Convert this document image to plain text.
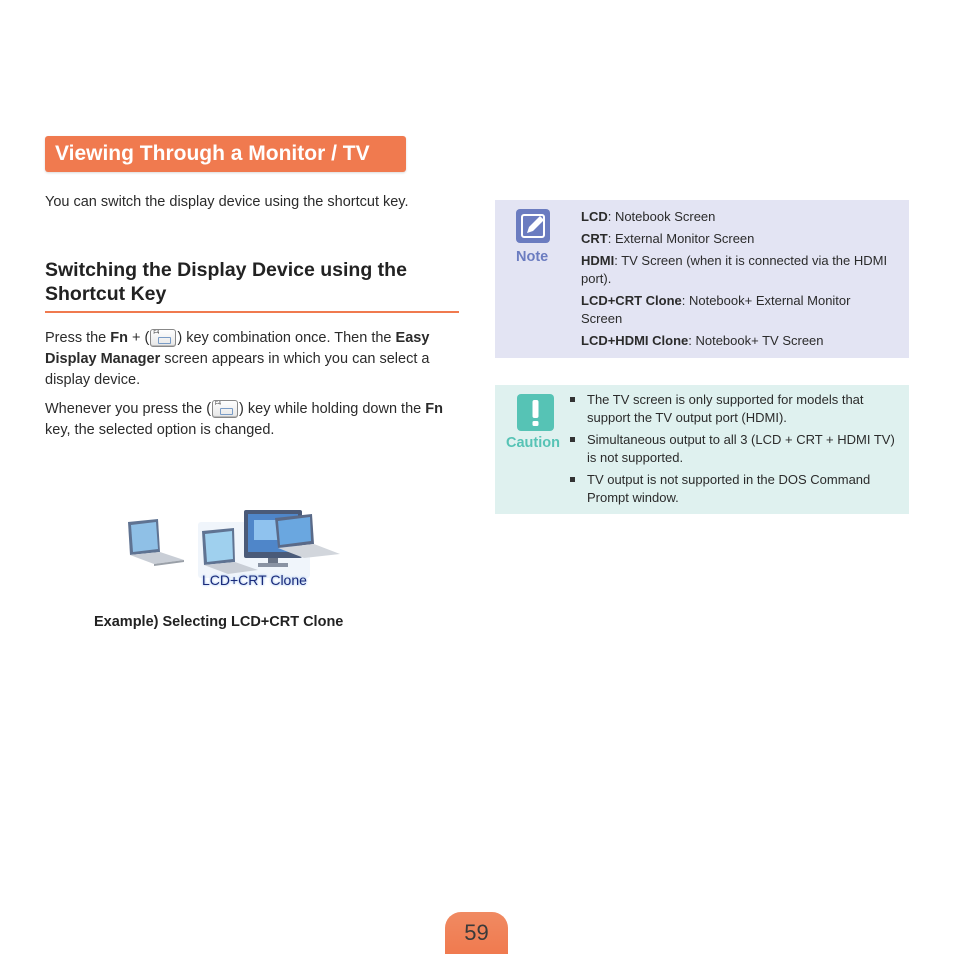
Viewing Through a Monitor / TV
You can switch the display device using the shortcut key.
Switching the Display Device using the Shortcut Key
Press the Fn + ( F4 ) key combination once. Then the Easy Display Manager screen appears in which you can select a display device.
Whenever you press the ( F4 ) key while holding down the Fn key, the selected option is changed.
LCD+CRT Clone
Example) Selecting LCD+CRT Clone
Note
LCD: Notebook Screen
CRT: External Monitor Screen
HDMI: TV Screen (when it is connected via the HDMI port).
LCD+CRT Clone: Notebook+ External Monitor Screen
LCD+HDMI Clone: Notebook+ TV Screen
Caution
The TV screen is only supported for models that support the TV output port (HDMI).
Simultaneous output to all 3 (LCD + CRT + HDMI TV) is not supported.
TV output is not supported in the DOS Command Prompt window.
59
